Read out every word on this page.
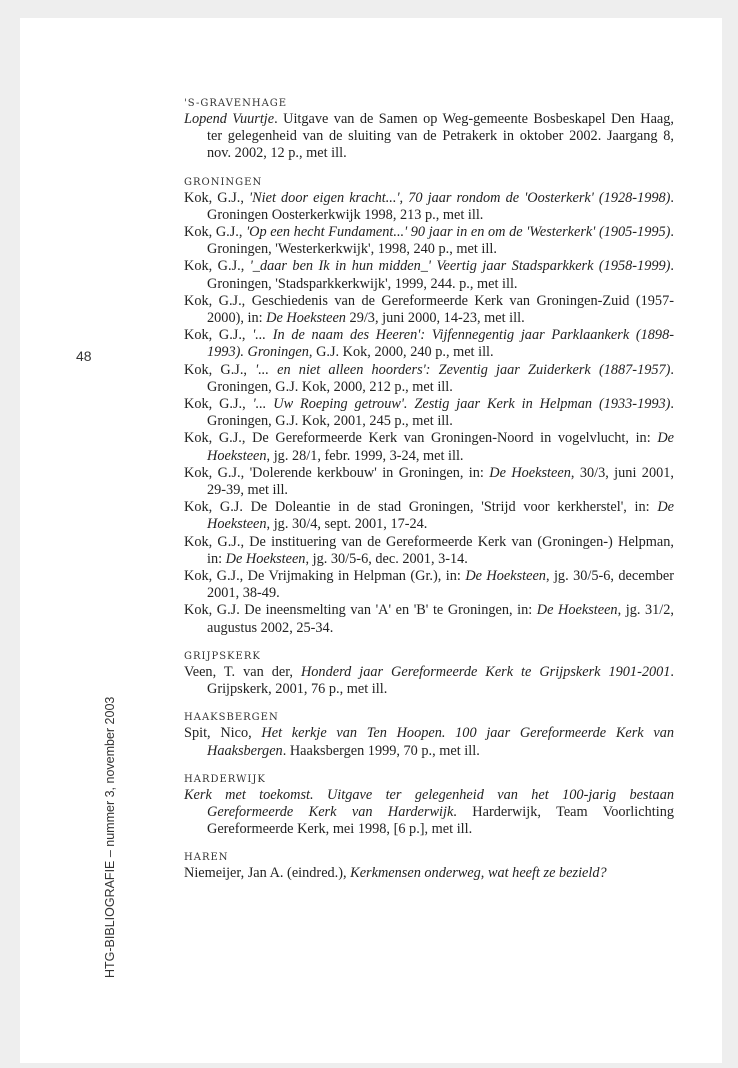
48
HTG-BIBLIOGRAFIE – nummer 3, november 2003
'S-GRAVENHAGE
Lopend Vuurtje. Uitgave van de Samen op Weg-gemeente Bosbeskapel Den Haag, ter gelegenheid van de sluiting van de Petrakerk in oktober 2002. Jaargang 8, nov. 2002, 12 p., met ill.
GRONINGEN
Kok, G.J., 'Niet door eigen kracht...', 70 jaar rondom de 'Oosterkerk' (1928-1998). Groningen Oosterkerkwijk 1998, 213 p., met ill.
Kok, G.J., 'Op een hecht Fundament...' 90 jaar in en om de 'Westerkerk' (1905-1995). Groningen, 'Westerkerkwijk', 1998, 240 p., met ill.
Kok, G.J., '_daar ben Ik in hun midden_' Veertig jaar Stadsparkkerk (1958-1999). Groningen, 'Stadsparkkerkwijk', 1999, 244. p., met ill.
Kok, G.J., Geschiedenis van de Gereformeerde Kerk van Groningen-Zuid (1957-2000), in: De Hoeksteen 29/3, juni 2000, 14-23, met ill.
Kok, G.J., '... In de naam des Heeren': Vijfennegentig jaar Parklaankerk (1898-1993). Groningen, G.J. Kok, 2000, 240 p., met ill.
Kok, G.J., '... en niet alleen hoorders': Zeventig jaar Zuiderkerk (1887-1957). Groningen, G.J. Kok, 2000, 212 p., met ill.
Kok, G.J., '... Uw Roeping getrouw'. Zestig jaar Kerk in Helpman (1933-1993). Groningen, G.J. Kok, 2001, 245 p., met ill.
Kok, G.J., De Gereformeerde Kerk van Groningen-Noord in vogelvlucht, in: De Hoeksteen, jg. 28/1, febr. 1999, 3-24, met ill.
Kok, G.J., 'Dolerende kerkbouw' in Groningen, in: De Hoeksteen, 30/3, juni 2001, 29-39, met ill.
Kok, G.J. De Doleantie in de stad Groningen, 'Strijd voor kerkherstel', in: De Hoeksteen, jg. 30/4, sept. 2001, 17-24.
Kok, G.J., De instituering van de Gereformeerde Kerk van (Groningen-) Helpman, in: De Hoeksteen, jg. 30/5-6, dec. 2001, 3-14.
Kok, G.J., De Vrijmaking in Helpman (Gr.), in: De Hoeksteen, jg. 30/5-6, december 2001, 38-49.
Kok, G.J. De ineensmelting van 'A' en 'B' te Groningen, in: De Hoeksteen, jg. 31/2, augustus 2002, 25-34.
GRIJPSKERK
Veen, T. van der, Honderd jaar Gereformeerde Kerk te Grijpskerk 1901-2001. Grijpskerk, 2001, 76 p., met ill.
HAAKSBERGEN
Spit, Nico, Het kerkje van Ten Hoopen. 100 jaar Gereformeerde Kerk van Haaksbergen. Haaksbergen 1999, 70 p., met ill.
HARDERWIJK
Kerk met toekomst. Uitgave ter gelegenheid van het 100-jarig bestaan Gereformeerde Kerk van Harderwijk. Harderwijk, Team Voorlichting Gereformeerde Kerk, mei 1998, [6 p.], met ill.
HAREN
Niemeijer, Jan A. (eindred.), Kerkmensen onderweg, wat heeft ze bezield?
